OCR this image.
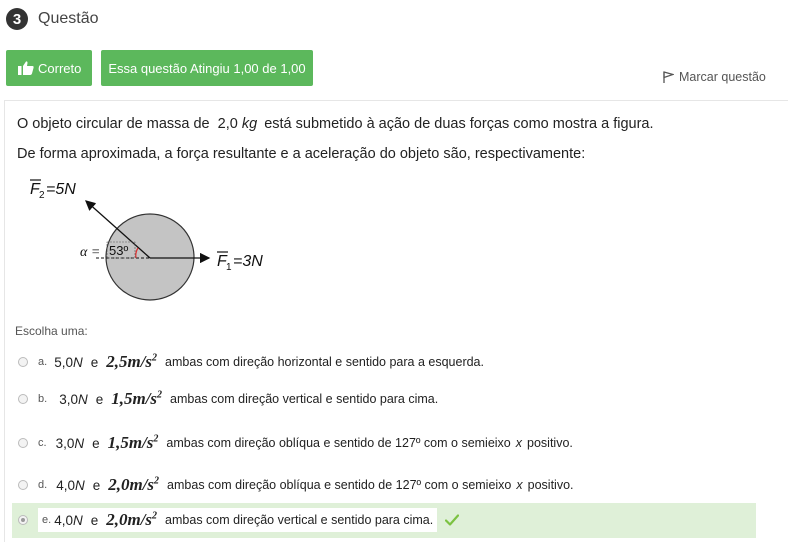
3	Questão
Correto	Essa questão Atingiu 1,00 de 1,00
Marcar questão
O objeto circular de massa de 2,0 kg está submetido à ação de duas forças como mostra a figura.
De forma aproximada, a força resultante e a aceleração do objeto são, respectivamente:
F 2 =5N
F 1 =3N
α = 53º
Escolha uma:
a. 5,0N e $2,5m/s^2$ ambas com direção horizontal e sentido para a esquerda.
b. 3,0N e $1,5m/s^2$ ambas com direção vertical e sentido para cima.
c. 3,0N e $1,5m/s^2$ ambas com direção oblíqua e sentido de 127º com o semieixo x positivo.
d. 4,0N e $2,0m/s^2$ ambas com direção oblíqua e sentido de 127º com o semieixo x positivo.
e. 4,0N e $2,0m/s^2$ ambas com direção vertical e sentido para cima.
